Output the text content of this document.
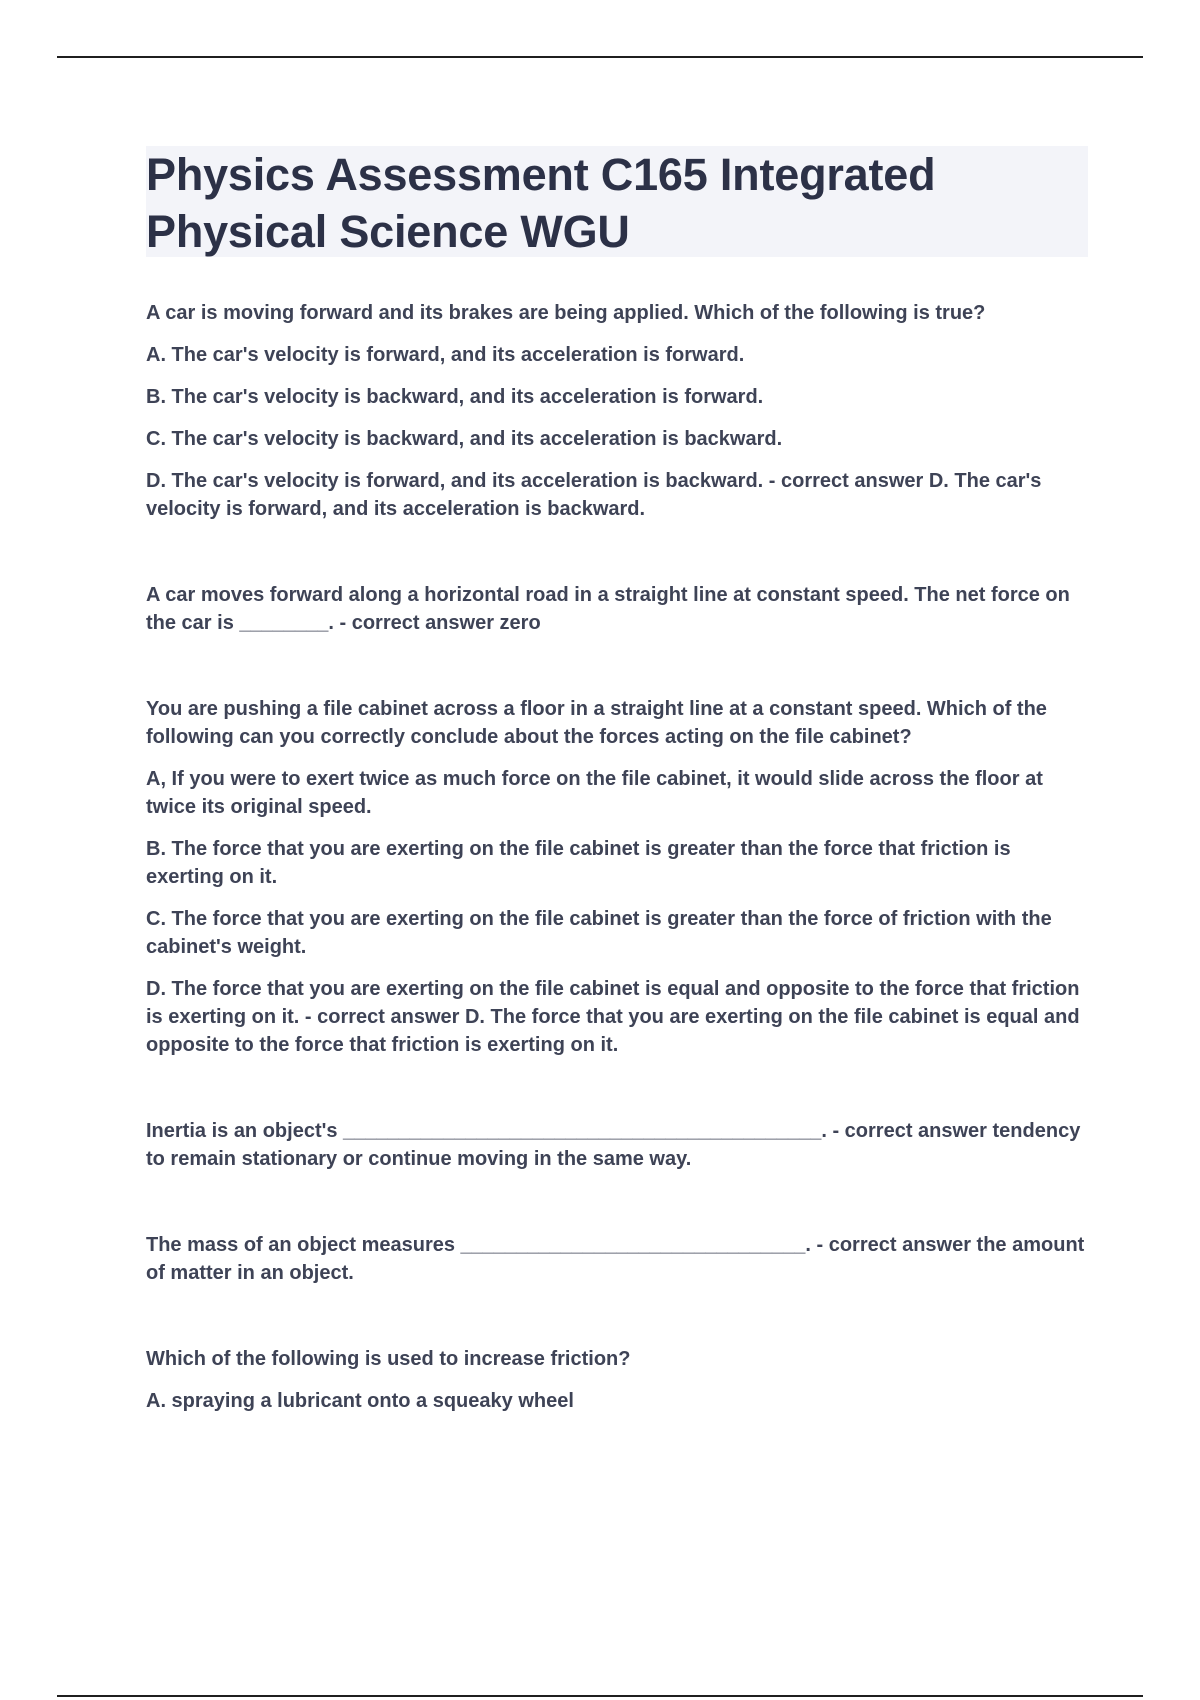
Physics Assessment C165 Integrated Physical Science WGU

A car is moving forward and its brakes are being applied. Which of the following is true?

A. The car's velocity is forward, and its acceleration is forward.

B. The car's velocity is backward, and its acceleration is forward.

C. The car's velocity is backward, and its acceleration is backward.

D. The car's velocity is forward, and its acceleration is backward. - correct answer D. The car's velocity is forward, and its acceleration is backward.

A car moves forward along a horizontal road in a straight line at constant speed. The net force on the car is ________. - correct answer zero

You are pushing a file cabinet across a floor in a straight line at a constant speed. Which of the following can you correctly conclude about the forces acting on the file cabinet?

A, If you were to exert twice as much force on the file cabinet, it would slide across the floor at twice its original speed.

B. The force that you are exerting on the file cabinet is greater than the force that friction is exerting on it.

C. The force that you are exerting on the file cabinet is greater than the force of friction with the cabinet's weight.

D. The force that you are exerting on the file cabinet is equal and opposite to the force that friction is exerting on it. - correct answer D. The force that you are exerting on the file cabinet is equal and opposite to the force that friction is exerting on it.

Inertia is an object's ___________________________________________. - correct answer tendency to remain stationary or continue moving in the same way.

The mass of an object measures _______________________________. - correct answer the amount of matter in an object.

Which of the following is used to increase friction?

A. spraying a lubricant onto a squeaky wheel
